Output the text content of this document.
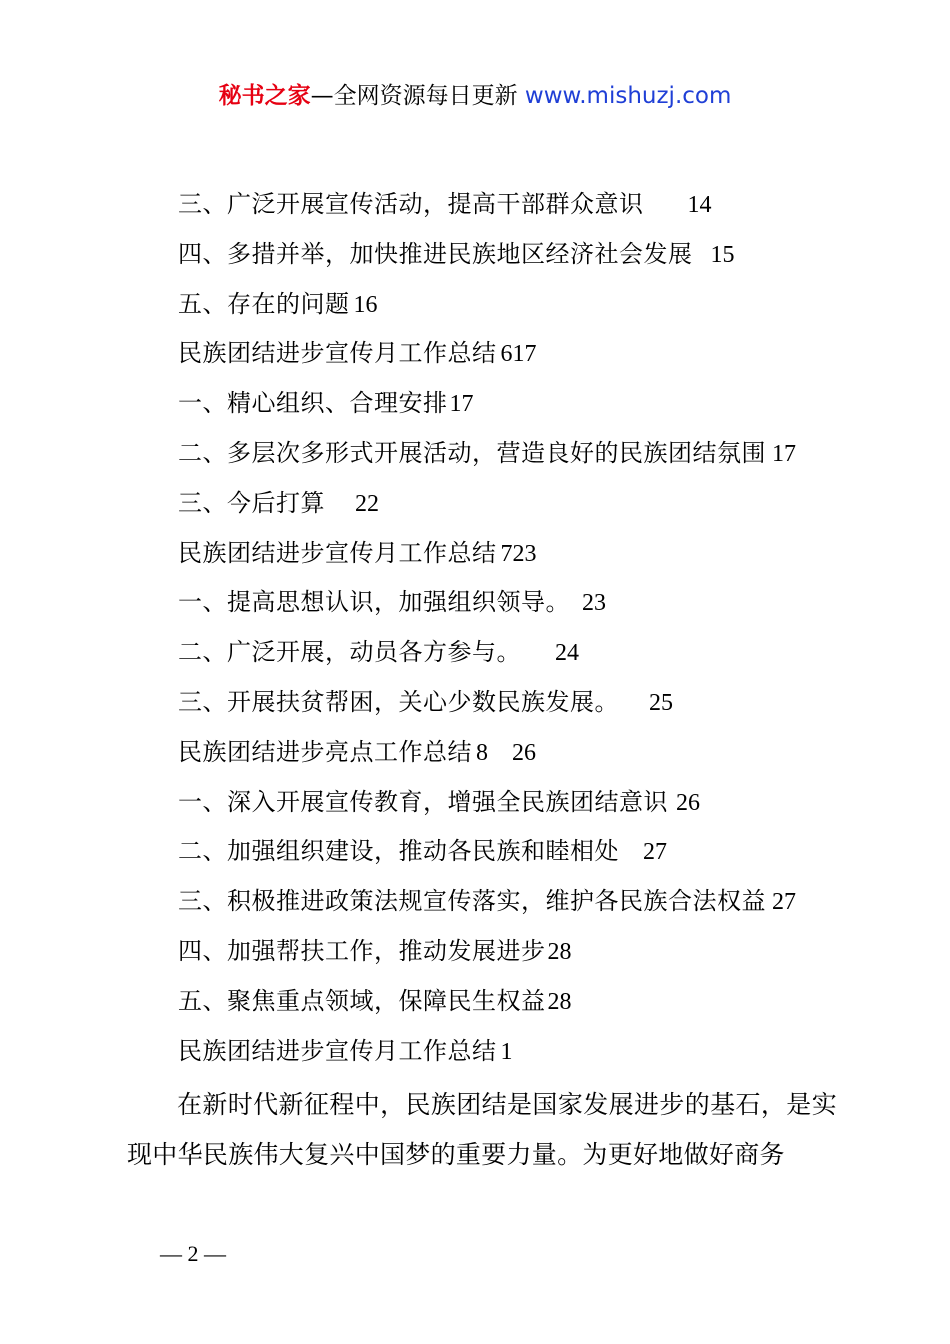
秘书之家—全网资源每日更新 www.mishuzj.com
三、广泛开展宣传活动，提高干部群众意识 14
四、多措并举，加快推进民族地区经济社会发展 15
五、存在的问题 16
民族团结进步宣传月工作总结 617
一、精心组织、合理安排17
二、多层次多形式开展活动，营造良好的民族团结氛围 17
三、今后打算 22
民族团结进步宣传月工作总结 723
一、提高思想认识，加强组织领导。 23
二、广泛开展，动员各方参与。 24
三、开展扶贫帮困，关心少数民族发展。 25
民族团结进步亮点工作总结 8　26
一、深入开展宣传教育，增强全民族团结意识 26
二、加强组织建设，推动各民族和睦相处 27
三、积极推进政策法规宣传落实，维护各民族合法权益 27
四、加强帮扶工作，推动发展进步28
五、聚焦重点领域，保障民生权益28
民族团结进步宣传月工作总结 1

在新时代新征程中，民族团结是国家发展进步的基石，是实现中华民族伟大复兴中国梦的重要力量。为更好地做好商务

— 2 —
